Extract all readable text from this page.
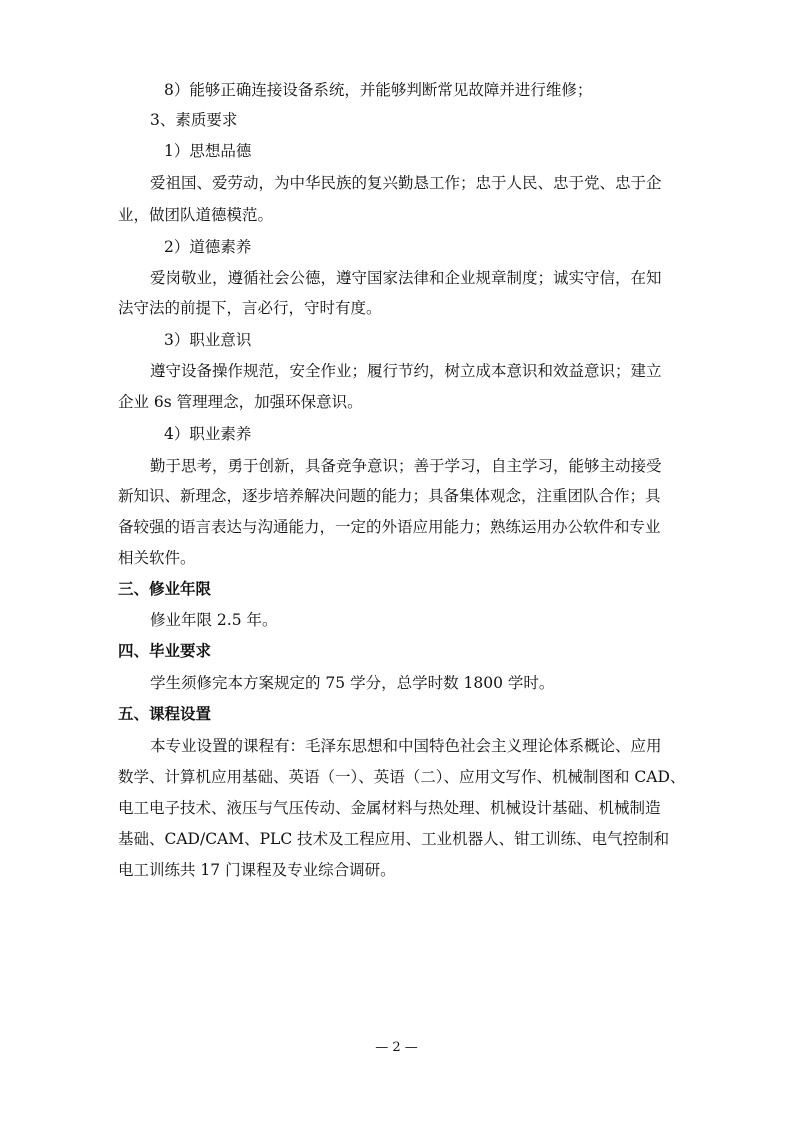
8）能够正确连接设备系统，并能够判断常见故障并进行维修；
3、素质要求
1）思想品德
爱祖国、爱劳动，为中华民族的复兴勤恳工作；忠于人民、忠于党、忠于企
业，做团队道德模范。
2）道德素养
爱岗敬业，遵循社会公德，遵守国家法律和企业规章制度；诚实守信，在知
法守法的前提下，言必行，守时有度。
3）职业意识
遵守设备操作规范，安全作业；履行节约，树立成本意识和效益意识；建立
企业 6s 管理理念，加强环保意识。
4）职业素养
勤于思考，勇于创新，具备竞争意识；善于学习，自主学习，能够主动接受
新知识、新理念，逐步培养解决问题的能力；具备集体观念，注重团队合作；具
备较强的语言表达与沟通能力，一定的外语应用能力；熟练运用办公软件和专业
相关软件。
三、修业年限
修业年限 2.5 年。
四、毕业要求
学生须修完本方案规定的 75 学分，总学时数 1800 学时。
五、课程设置
本专业设置的课程有：毛泽东思想和中国特色社会主义理论体系概论、应用
数学、计算机应用基础、英语（一）、英语（二）、应用文写作、机械制图和 CAD、
电工电子技术、液压与气压传动、金属材料与热处理、机械设计基础、机械制造
基础、CAD/CAM、PLC 技术及工程应用、工业机器人、钳工训练、电气控制和
电工训练共 17 门课程及专业综合调研。
— 2 —
